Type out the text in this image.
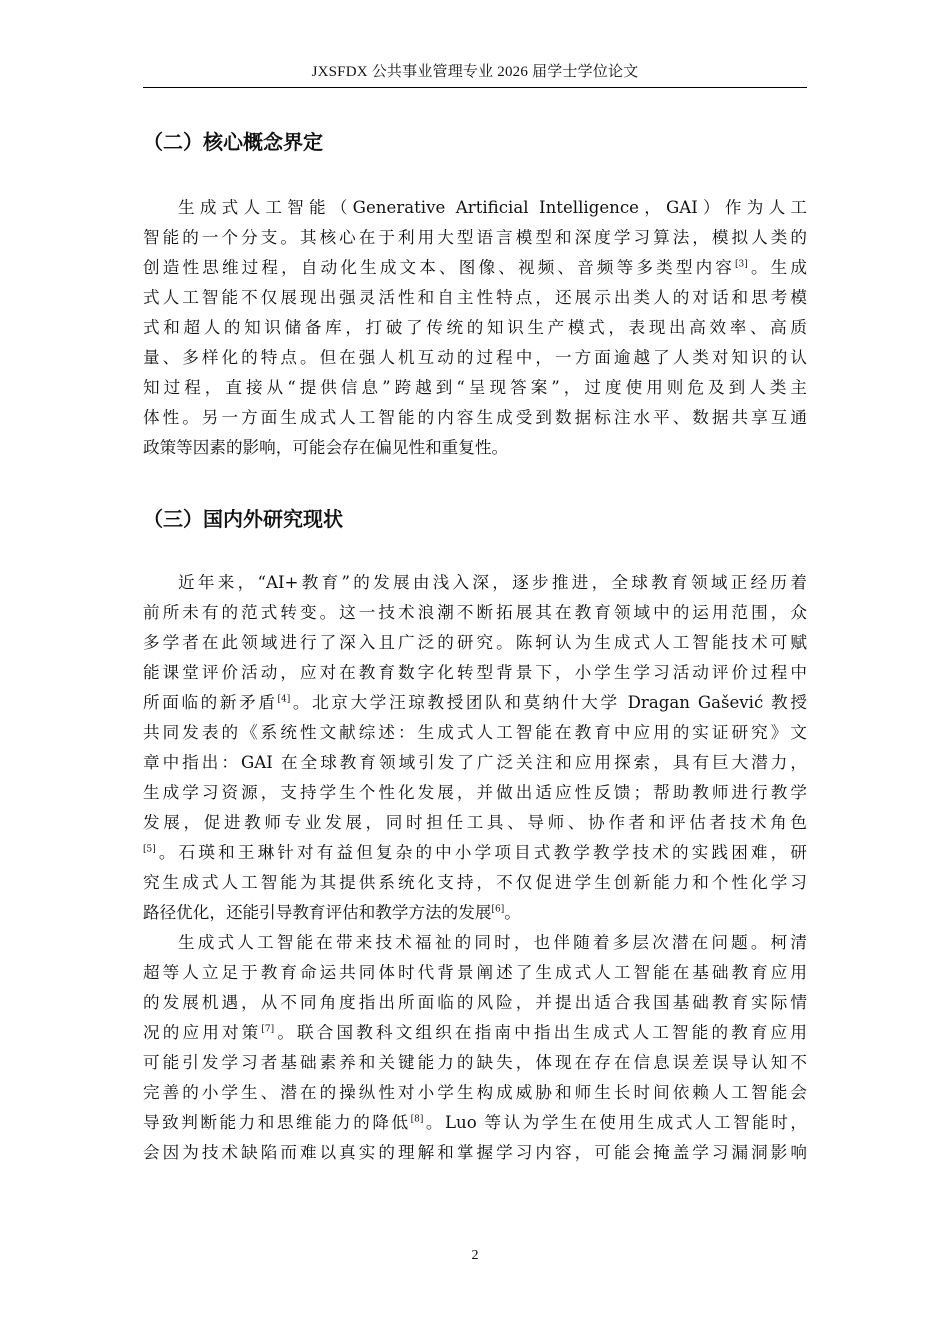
JXSFDX 公共事业管理专业 2026 届学士学位论文
（二）核心概念界定
生成式人工智能（Generative Artificial Intelligence，GAI）作为人工
智能的一个分支。其核心在于利用大型语言模型和深度学习算法，模拟人类的
创造性思维过程，自动化生成文本、图像、视频、音频等多类型内容[3]。生成
式人工智能不仅展现出强灵活性和自主性特点，还展示出类人的对话和思考模
式和超人的知识储备库，打破了传统的知识生产模式，表现出高效率、高质
量、多样化的特点。但在强人机互动的过程中，一方面逾越了人类对知识的认
知过程，直接从“提供信息”跨越到“呈现答案”，过度使用则危及到人类主
体性。另一方面生成式人工智能的内容生成受到数据标注水平、数据共享互通
政策等因素的影响，可能会存在偏见性和重复性。
（三）国内外研究现状
近年来，“AI+教育”的发展由浅入深，逐步推进，全球教育领域正经历着
前所未有的范式转变。这一技术浪潮不断拓展其在教育领域中的运用范围，众
多学者在此领域进行了深入且广泛的研究。陈轲认为生成式人工智能技术可赋
能课堂评价活动，应对在教育数字化转型背景下，小学生学习活动评价过程中
所面临的新矛盾[4]。北京大学汪琼教授团队和莫纳什大学 Dragan Gašević 教授
共同发表的《系统性文献综述：生成式人工智能在教育中应用的实证研究》文
章中指出：GAI 在全球教育领域引发了广泛关注和应用探索，具有巨大潜力，
生成学习资源，支持学生个性化发展，并做出适应性反馈；帮助教师进行教学
发展，促进教师专业发展，同时担任工具、导师、协作者和评估者技术角色
[5]。石瑛和王琳针对有益但复杂的中小学项目式教学教学技术的实践困难，研
究生成式人工智能为其提供系统化支持，不仅促进学生创新能力和个性化学习
路径优化，还能引导教育评估和教学方法的发展[6]。
生成式人工智能在带来技术福祉的同时，也伴随着多层次潜在问题。柯清
超等人立足于教育命运共同体时代背景阐述了生成式人工智能在基础教育应用
的发展机遇，从不同角度指出所面临的风险，并提出适合我国基础教育实际情
况的应用对策[7]。联合国教科文组织在指南中指出生成式人工智能的教育应用
可能引发学习者基础素养和关键能力的缺失，体现在存在信息误差误导认知不
完善的小学生、潜在的操纵性对小学生构成威胁和师生长时间依赖人工智能会
导致判断能力和思维能力的降低[8]。Luo 等认为学生在使用生成式人工智能时，
会因为技术缺陷而难以真实的理解和掌握学习内容，可能会掩盖学习漏洞影响
2
